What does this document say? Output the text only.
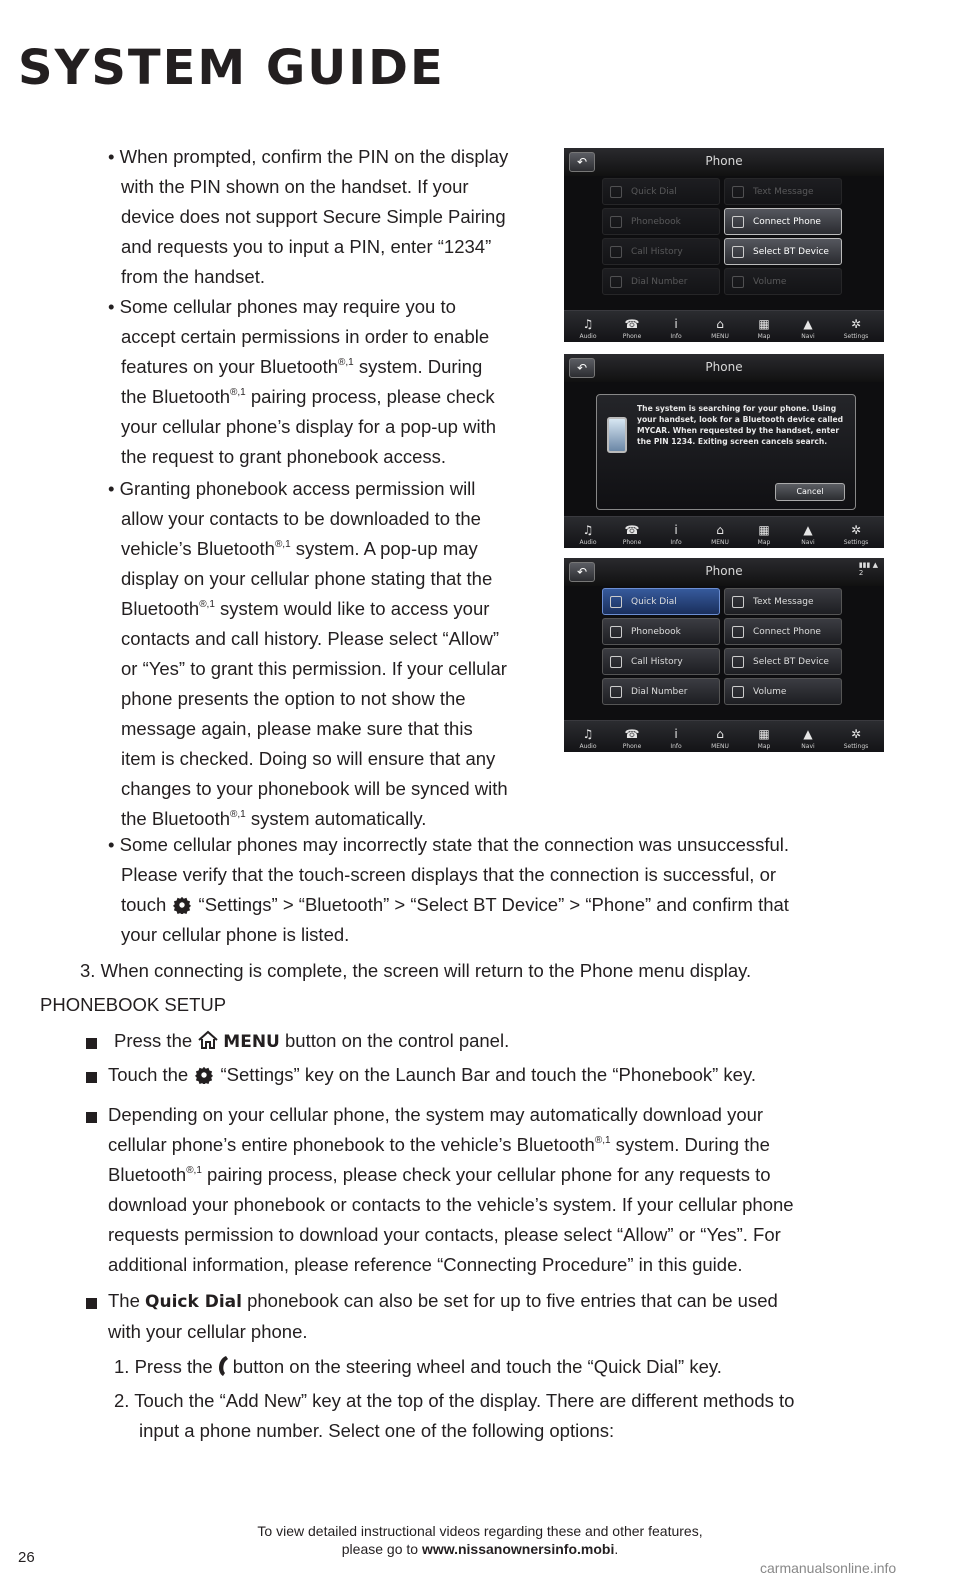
SYSTEM GUIDE
• When prompted, confirm the PIN on the display
with the PIN shown on the handset. If your
device does not support Secure Simple Pairing
and requests you to input a PIN, enter “1234”
from the handset.
• Some cellular phones may require you to
accept certain permissions in order to enable
features on your Bluetooth$^{®,1}$ system. During
the Bluetooth$^{®,1}$ pairing process, please check
your cellular phone’s display for a pop-up with
the request to grant phonebook access.
• Granting phonebook access permission will
allow your contacts to be downloaded to the
vehicle’s Bluetooth$^{®,1}$ system. A pop-up may
display on your cellular phone stating that the
Bluetooth$^{®,1}$ system would like to access your
contacts and call history. Please select “Allow”
or “Yes” to grant this permission. If your cellular
phone presents the option to not show the
message again, please make sure that this
item is checked. Doing so will ensure that any
changes to your phonebook will be synced with
the Bluetooth$^{®,1}$ system automatically.
↶	Phone
Quick Dial	Text Message
Phonebook	Connect Phone
Call History	Select BT Device
Dial Number	Volume
♫
Audio
☎
Phone
i
Info
⌂
MENU
▦
Map
▲
Navi
✲
Settings
↶	Phone
The system is searching for your phone. Using your handset, look for a Bluetooth device called MYCAR. When requested by the handset, enter the PIN 1234. Exiting screen cancels search.
Cancel
♫
Audio
☎
Phone
i
Info
⌂
MENU
▦
Map
▲
Navi
✲
Settings
↶	Phone	▮▮▮ ▲
2
Quick Dial	Text Message
Phonebook	Connect Phone
Call History	Select BT Device
Dial Number	Volume
♫
Audio
☎
Phone
i
Info
⌂
MENU
▦
Map
▲
Navi
✲
Settings
• Some cellular phones may incorrectly state that the connection was unsuccessful.
Please verify that the touch-screen displays that the connection is successful, or
touch “Settings” > “Bluetooth” > “Select BT Device” > “Phone” and confirm that
your cellular phone is listed.
3. When connecting is complete, the screen will return to the Phone menu display.
PHONEBOOK SETUP
Press the MENU button on the control panel.
Touch the “Settings” key on the Launch Bar and touch the “Phonebook” key.
Depending on your cellular phone, the system may automatically download your
cellular phone’s entire phonebook to the vehicle’s Bluetooth$^{®,1}$ system. During the
Bluetooth$^{®,1}$ pairing process, please check your cellular phone for any requests to
download your phonebook or contacts to the vehicle’s system. If your cellular phone
requests permission to download your contacts, please select “Allow” or “Yes”. For
additional information, please reference “Connecting Procedure” in this guide.
The Quick Dial phonebook can also be set for up to five entries that can be used
with your cellular phone.
1. Press the button on the steering wheel and touch the “Quick Dial” key.
2. Touch the “Add New” key at the top of the display. There are different methods to
input a phone number. Select one of the following options:
26
To view detailed instructional videos regarding these and other features,
please go to www.nissanownersinfo.mobi.
carmanualsonline.info
